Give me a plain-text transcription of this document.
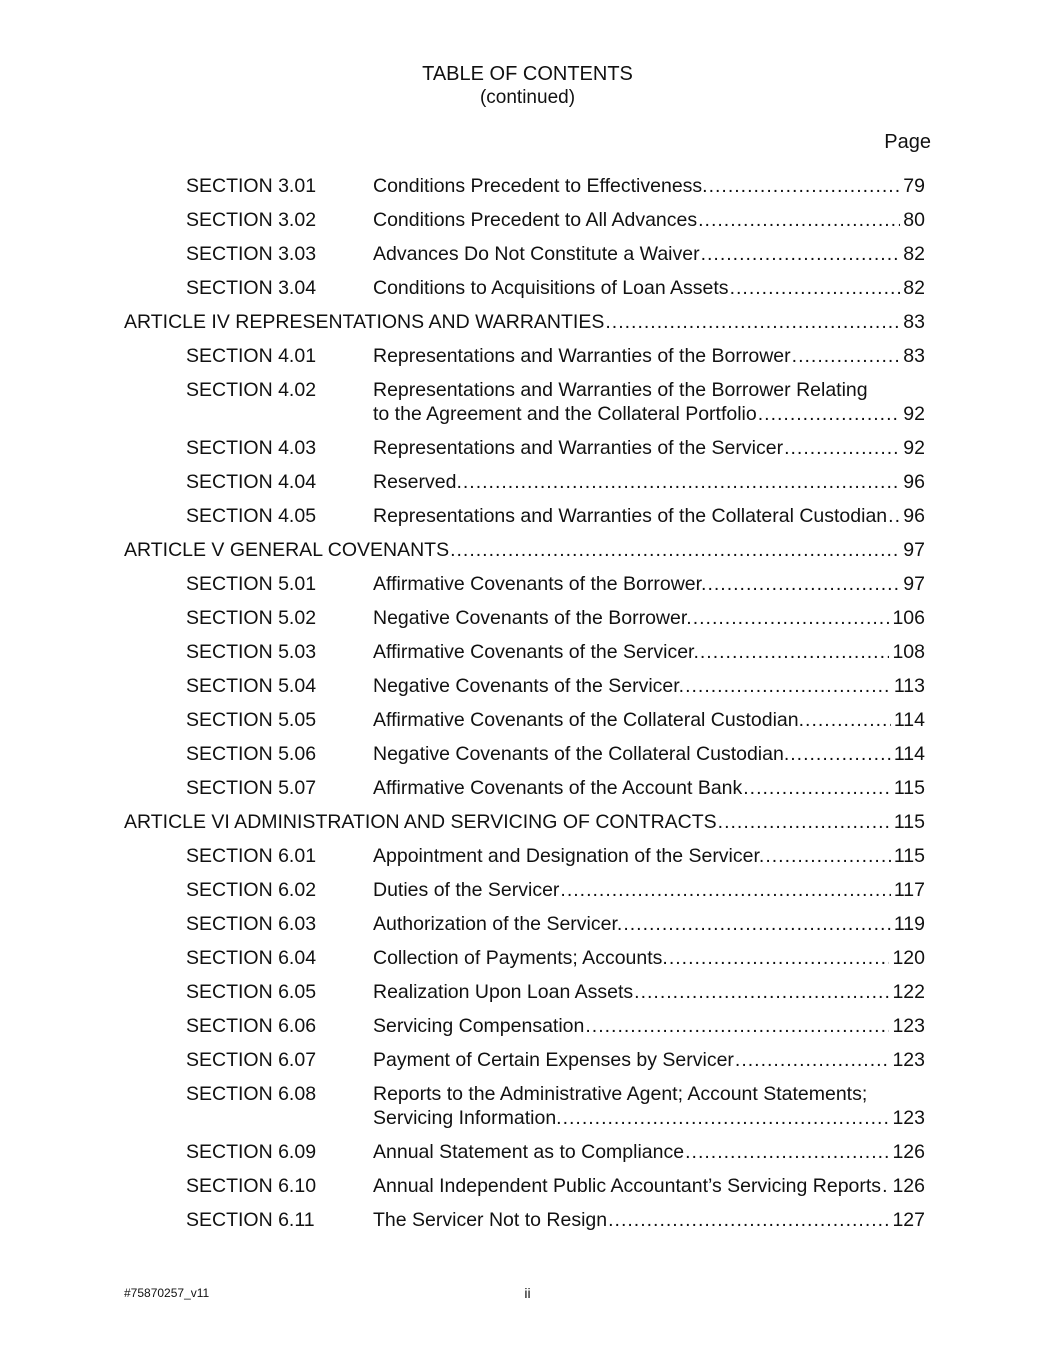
TABLE OF CONTENTS
(continued)
Page
SECTION 3.01	Conditions Precedent to Effectiveness. .....	79
SECTION 3.02	Conditions Precedent to All Advances .....	80
SECTION 3.03	Advances Do Not Constitute a Waiver .....	82
SECTION 3.04	Conditions to Acquisitions of Loan Assets .....	82
ARTICLE IV REPRESENTATIONS AND WARRANTIES .....	83
SECTION 4.01	Representations and Warranties of the Borrower .....	83
SECTION 4.02	Representations and Warranties of the Borrower Relating
to the Agreement and the Collateral Portfolio .....	92
SECTION 4.03	Representations and Warranties of the Servicer .....	92
SECTION 4.04	Reserved. .....	96
SECTION 4.05	Representations and Warranties of the Collateral Custodian ..... 96
ARTICLE V GENERAL COVENANTS .....	97
SECTION 5.01	Affirmative Covenants of the Borrower. .....	97
SECTION 5.02	Negative Covenants of the Borrower. .....	106
SECTION 5.03	Affirmative Covenants of the Servicer. .....	108
SECTION 5.04	Negative Covenants of the Servicer. .....	113
SECTION 5.05	Affirmative Covenants of the Collateral Custodian. .....	114
SECTION 5.06	Negative Covenants of the Collateral Custodian. .....	114
SECTION 5.07	Affirmative Covenants of the Account Bank .....	115
ARTICLE VI ADMINISTRATION AND SERVICING OF CONTRACTS .....	115
SECTION 6.01	Appointment and Designation of the Servicer. .....	115
SECTION 6.02	Duties of the Servicer .....	117
SECTION 6.03	Authorization of the Servicer. .....	119
SECTION 6.04	Collection of Payments; Accounts. .....	120
SECTION 6.05	Realization Upon Loan Assets .....	122
SECTION 6.06	Servicing Compensation .....	123
SECTION 6.07	Payment of Certain Expenses by Servicer .....	123
SECTION 6.08	Reports to the Administrative Agent; Account Statements;
Servicing Information. .....	123
SECTION 6.09	Annual Statement as to Compliance .....	126
SECTION 6.10	Annual Independent Public Accountant’s Servicing Reports ..... 126
SECTION 6.11	The Servicer Not to Resign .....	127
#75870257_v11	ii
